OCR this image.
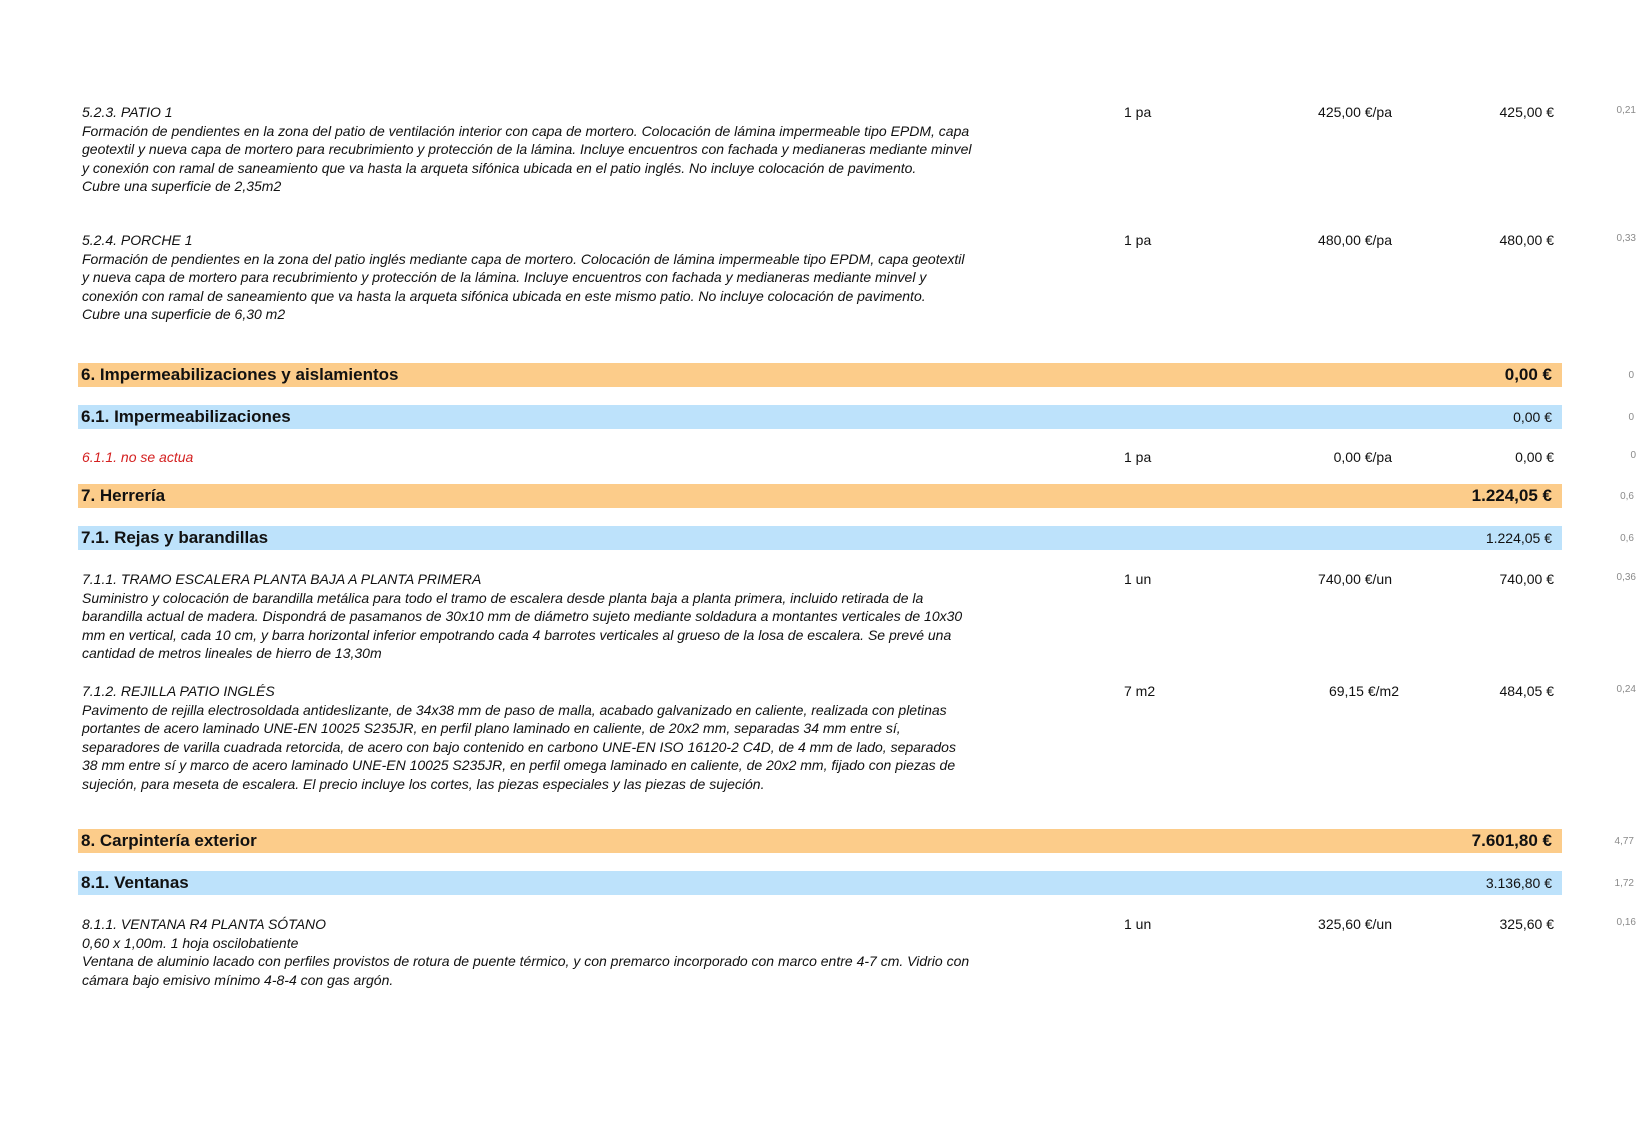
5.2.3. PATIO 1
Formación de pendientes en la zona del patio de ventilación interior con capa de mortero. Colocación de lámina impermeable tipo EPDM, capa
geotextil y nueva capa de mortero para recubrimiento y protección de la lámina. Incluye encuentros con fachada y medianeras mediante minvel
y conexión con ramal de saneamiento que va hasta la arqueta sifónica ubicada en el patio inglés. No incluye colocación de pavimento.
Cubre una superficie de 2,35m2
1 pa	425,00 €/pa	425,00 €	0,21
5.2.4. PORCHE 1
Formación de pendientes en la zona del patio inglés mediante capa de mortero. Colocación de lámina impermeable tipo EPDM, capa geotextil
y nueva capa de mortero para recubrimiento y protección de la lámina. Incluye encuentros con fachada y medianeras mediante minvel y
conexión con ramal de saneamiento que va hasta la arqueta sifónica ubicada en este mismo patio. No incluye colocación de pavimento.
Cubre una superficie de 6,30 m2
1 pa	480,00 €/pa	480,00 €	0,33
6. Impermeabilizaciones y aislamientos	0,00 €	0
6.1. Impermeabilizaciones	0,00 €	0
6.1.1. no se actua	1 pa	0,00 €/pa	0,00 €	0
7. Herrería	1.224,05 €	0,6
7.1. Rejas y barandillas	1.224,05 €	0,6
7.1.1. TRAMO ESCALERA PLANTA BAJA A PLANTA PRIMERA
Suministro y colocación de barandilla metálica para todo el tramo de escalera desde planta baja a planta primera, incluido retirada de la
barandilla actual de madera. Dispondrá de pasamanos de 30x10 mm de diámetro sujeto mediante soldadura a montantes verticales de 10x30
mm en vertical, cada 10 cm, y barra horizontal inferior empotrando cada 4 barrotes verticales al grueso de la losa de escalera. Se prevé una
cantidad de metros lineales de hierro de 13,30m
1 un	740,00 €/un	740,00 €	0,36
7.1.2. REJILLA PATIO INGLÉS
Pavimento de rejilla electrosoldada antideslizante, de 34x38 mm de paso de malla, acabado galvanizado en caliente, realizada con pletinas
portantes de acero laminado UNE-EN 10025 S235JR, en perfil plano laminado en caliente, de 20x2 mm, separadas 34 mm entre sí,
separadores de varilla cuadrada retorcida, de acero con bajo contenido en carbono UNE-EN ISO 16120-2 C4D, de 4 mm de lado, separados
38 mm entre sí y marco de acero laminado UNE-EN 10025 S235JR, en perfil omega laminado en caliente, de 20x2 mm, fijado con piezas de
sujeción, para meseta de escalera. El precio incluye los cortes, las piezas especiales y las piezas de sujeción.
7 m2	69,15 €/m2	484,05 €	0,24
8. Carpintería exterior	7.601,80 €	4,77
8.1. Ventanas	3.136,80 €	1,72
8.1.1. VENTANA R4 PLANTA SÓTANO
0,60 x 1,00m. 1 hoja oscilobatiente
Ventana de aluminio lacado con perfiles provistos de rotura de puente térmico, y con premarco incorporado con marco entre 4-7 cm. Vidrio con
cámara bajo emisivo mínimo 4-8-4 con gas argón.
1 un	325,60 €/un	325,60 €	0,16
